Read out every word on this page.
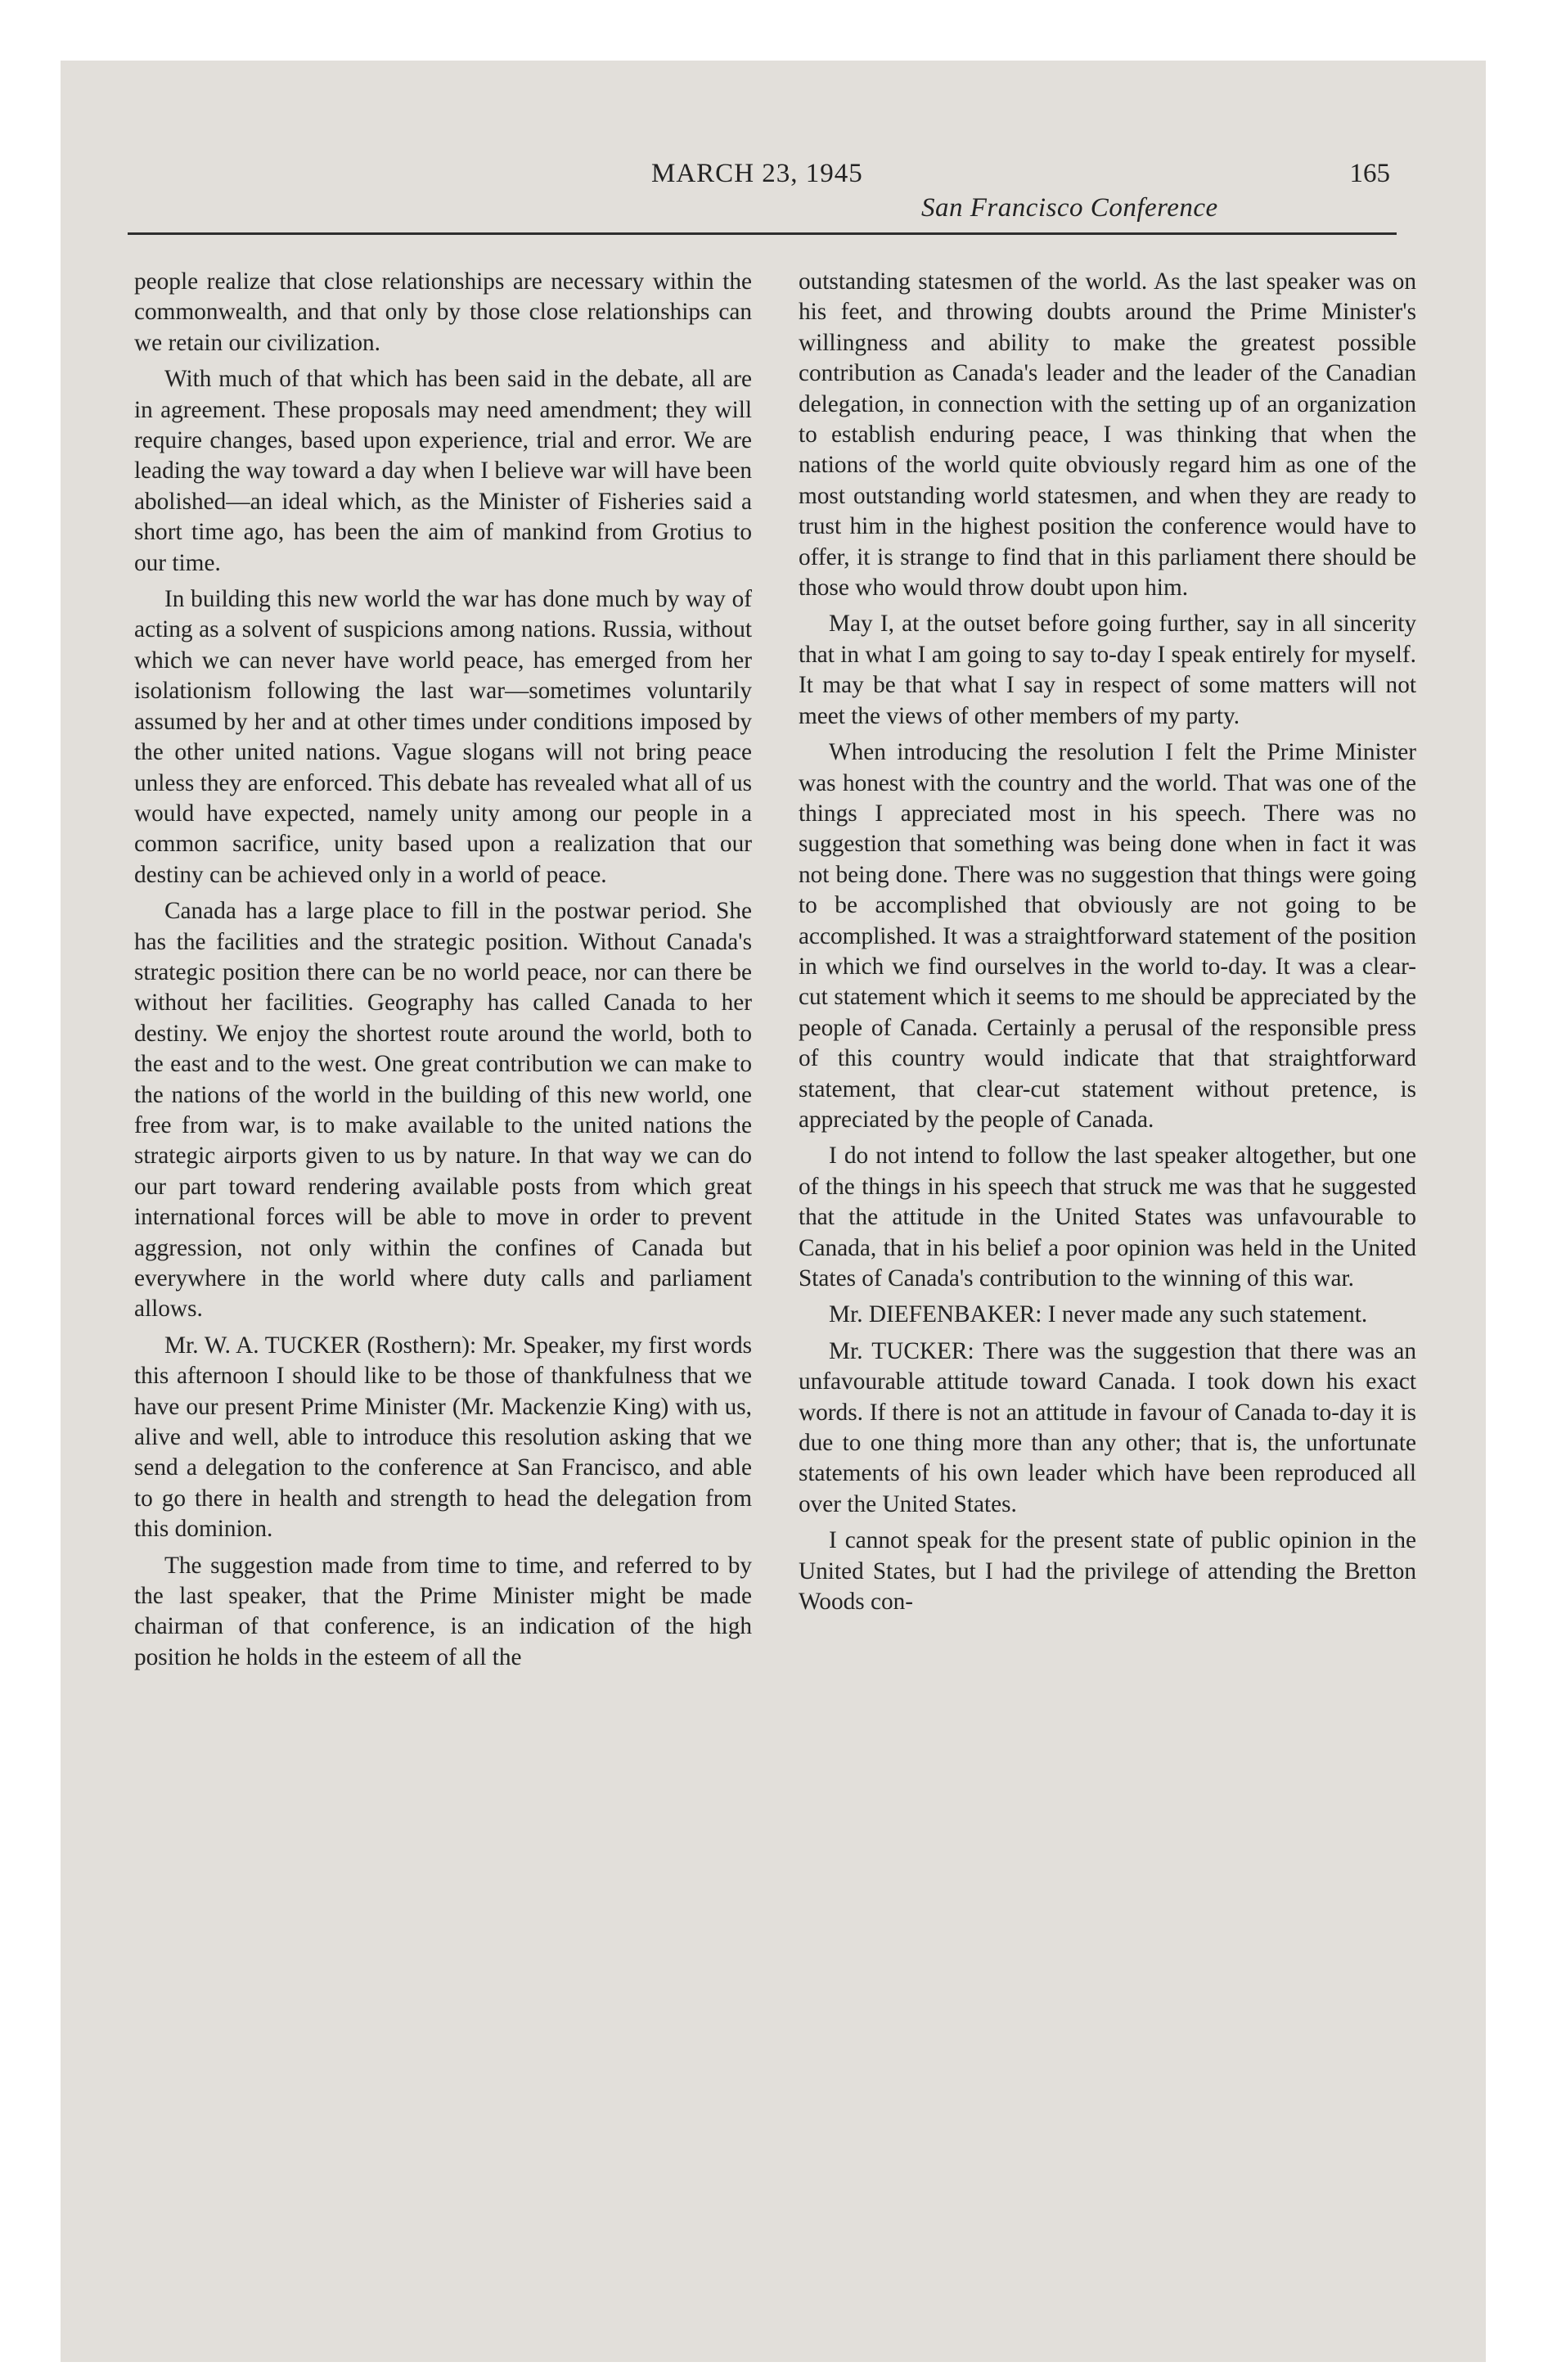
MARCH 23, 1945	165
San Francisco Conference

people realize that close relationships are necessary within the commonwealth, and that only by those close relationships can we retain our civilization.

With much of that which has been said in the debate, all are in agreement. These proposals may need amendment; they will require changes, based upon experience, trial and error. We are leading the way toward a day when I believe war will have been abolished—an ideal which, as the Minister of Fisheries said a short time ago, has been the aim of mankind from Grotius to our time.

In building this new world the war has done much by way of acting as a solvent of suspicions among nations. Russia, without which we can never have world peace, has emerged from her isolationism following the last war—sometimes voluntarily assumed by her and at other times under conditions imposed by the other united nations. Vague slogans will not bring peace unless they are enforced. This debate has revealed what all of us would have expected, namely unity among our people in a common sacrifice, unity based upon a realization that our destiny can be achieved only in a world of peace.

Canada has a large place to fill in the postwar period. She has the facilities and the strategic position. Without Canada's strategic position there can be no world peace, nor can there be without her facilities. Geography has called Canada to her destiny. We enjoy the shortest route around the world, both to the east and to the west. One great contribution we can make to the nations of the world in the building of this new world, one free from war, is to make available to the united nations the strategic airports given to us by nature. In that way we can do our part toward rendering available posts from which great international forces will be able to move in order to prevent aggression, not only within the confines of Canada but everywhere in the world where duty calls and parliament allows.

Mr. W. A. TUCKER (Rosthern): Mr. Speaker, my first words this afternoon I should like to be those of thankfulness that we have our present Prime Minister (Mr. Mackenzie King) with us, alive and well, able to introduce this resolution asking that we send a delegation to the conference at San Francisco, and able to go there in health and strength to head the delegation from this dominion.

The suggestion made from time to time, and referred to by the last speaker, that the Prime Minister might be made chairman of that conference, is an indication of the high position he holds in the esteem of all the

outstanding statesmen of the world. As the last speaker was on his feet, and throwing doubts around the Prime Minister's willingness and ability to make the greatest possible contribution as Canada's leader and the leader of the Canadian delegation, in connection with the setting up of an organization to establish enduring peace, I was thinking that when the nations of the world quite obviously regard him as one of the most outstanding world statesmen, and when they are ready to trust him in the highest position the conference would have to offer, it is strange to find that in this parliament there should be those who would throw doubt upon him.

May I, at the outset before going further, say in all sincerity that in what I am going to say to-day I speak entirely for myself. It may be that what I say in respect of some matters will not meet the views of other members of my party.

When introducing the resolution I felt the Prime Minister was honest with the country and the world. That was one of the things I appreciated most in his speech. There was no suggestion that something was being done when in fact it was not being done. There was no suggestion that things were going to be accomplished that obviously are not going to be accomplished. It was a straightforward statement of the position in which we find ourselves in the world to-day. It was a clear-cut statement which it seems to me should be appreciated by the people of Canada. Certainly a perusal of the responsible press of this country would indicate that that straightforward statement, that clear-cut statement without pretence, is appreciated by the people of Canada.

I do not intend to follow the last speaker altogether, but one of the things in his speech that struck me was that he suggested that the attitude in the United States was unfavourable to Canada, that in his belief a poor opinion was held in the United States of Canada's contribution to the winning of this war.

Mr. DIEFENBAKER: I never made any such statement.

Mr. TUCKER: There was the suggestion that there was an unfavourable attitude toward Canada. I took down his exact words. If there is not an attitude in favour of Canada to-day it is due to one thing more than any other; that is, the unfortunate statements of his own leader which have been reproduced all over the United States.

I cannot speak for the present state of public opinion in the United States, but I had the privilege of attending the Bretton Woods con-
